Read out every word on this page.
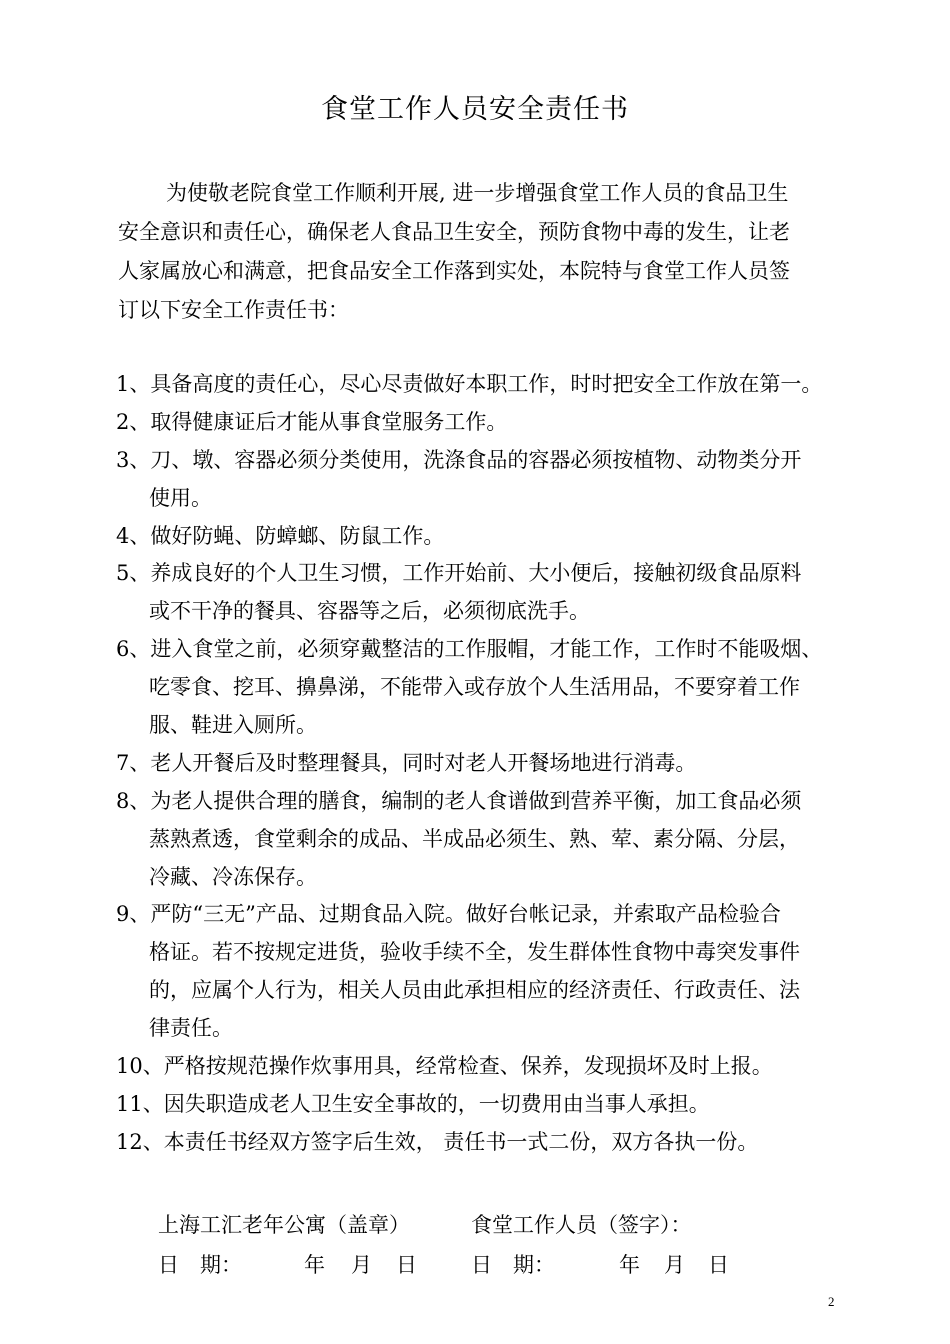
食堂工作人员安全责任书
为使敬老院食堂工作顺利开展, 进一步增强食堂工作人员的食品卫生
安全意识和责任心，确保老人食品卫生安全，预防食物中毒的发生，让老
人家属放心和满意，把食品安全工作落到实处，本院特与食堂工作人员签
订以下安全工作责任书：
1、具备高度的责任心，尽心尽责做好本职工作，时时把安全工作放在第一。
2、取得健康证后才能从事食堂服务工作。
3、刀、墩、容器必须分类使用，洗涤食品的容器必须按植物、动物类分开
使用。
4、做好防蝇、防蟑螂、防鼠工作。
5、养成良好的个人卫生习惯，工作开始前、大小便后，接触初级食品原料
或不干净的餐具、容器等之后，必须彻底洗手。
6、进入食堂之前，必须穿戴整洁的工作服帽，才能工作，工作时不能吸烟、
吃零食、挖耳、擤鼻涕，不能带入或存放个人生活用品，不要穿着工作
服、鞋进入厕所。
7、老人开餐后及时整理餐具，同时对老人开餐场地进行消毒。
8、为老人提供合理的膳食，编制的老人食谱做到营养平衡，加工食品必须
蒸熟煮透，食堂剩余的成品、半成品必须生、熟、荤、素分隔、分层，
冷藏、冷冻保存。
9、严防“三无”产品、过期食品入院。做好台帐记录，并索取产品检验合
格证。若不按规定进货，验收手续不全，发生群体性食物中毒突发事件
的，应属个人行为，相关人员由此承担相应的经济责任、行政责任、法
律责任。
10、严格按规范操作炊事用具，经常检查、保养，发现损坏及时上报。
11、因失职造成老人卫生安全事故的，一切费用由当事人承担。
12、本责任书经双方签字后生效， 责任书一式二份，双方各执一份。
上海工汇老年公寓（盖章）	食堂工作人员（签字）：
日　期：	年 月 日	日　期：	年 月 日
2
